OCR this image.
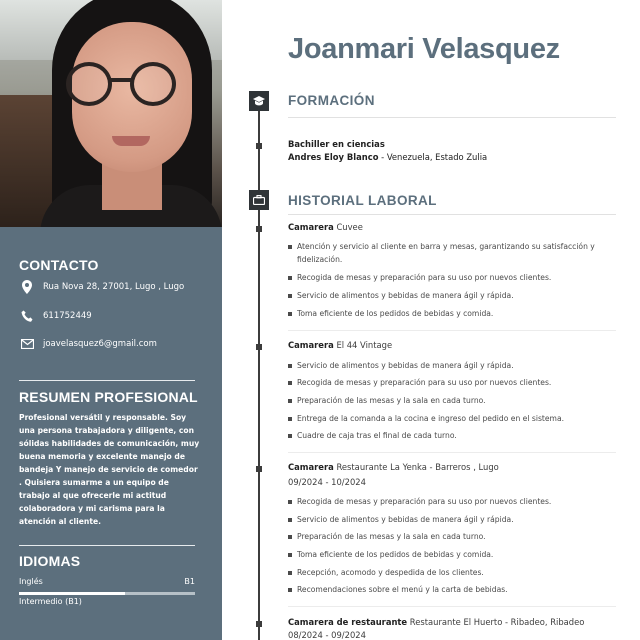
CONTACTO
Rua Nova 28, 27001, Lugo , Lugo
611752449
joavelasquez6@gmail.com
RESUMEN PROFESIONAL
Profesional versátil y responsable. Soy una persona trabajadora y diligente, con sólidas habilidades de comunicación, muy buena memoria y excelente manejo de bandeja Y manejo de servicio de comedor . Quisiera sumarme a un equipo de trabajo al que ofrecerle mi actitud colaboradora y mi carisma para la atención al cliente.
IDIOMAS
Inglés	B1
Intermedio (B1)
Joanmari Velasquez
FORMACIÓN
Bachiller en ciencias
Andres Eloy Blanco - Venezuela, Estado Zulia
HISTORIAL LABORAL
Camarera Cuvee
Atención y servicio al cliente en barra y mesas, garantizando su satisfacción y fidelización.
Recogida de mesas y preparación para su uso por nuevos clientes.
Servicio de alimentos y bebidas de manera ágil y rápida.
Toma eficiente de los pedidos de bebidas y comida.
Camarera El 44 Vintage
Servicio de alimentos y bebidas de manera ágil y rápida.
Recogida de mesas y preparación para su uso por nuevos clientes.
Preparación de las mesas y la sala en cada turno.
Entrega de la comanda a la cocina e ingreso del pedido en el sistema.
Cuadre de caja tras el final de cada turno.
Camarera Restaurante La Yenka - Barreros , Lugo
09/2024 - 10/2024
Recogida de mesas y preparación para su uso por nuevos clientes.
Servicio de alimentos y bebidas de manera ágil y rápida.
Preparación de las mesas y la sala en cada turno.
Toma eficiente de los pedidos de bebidas y comida.
Recepción, acomodo y despedida de los clientes.
Recomendaciones sobre el menú y la carta de bebidas.
Camarera de restaurante Restaurante El Huerto - Ribadeo, Ribadeo
08/2024 - 09/2024
